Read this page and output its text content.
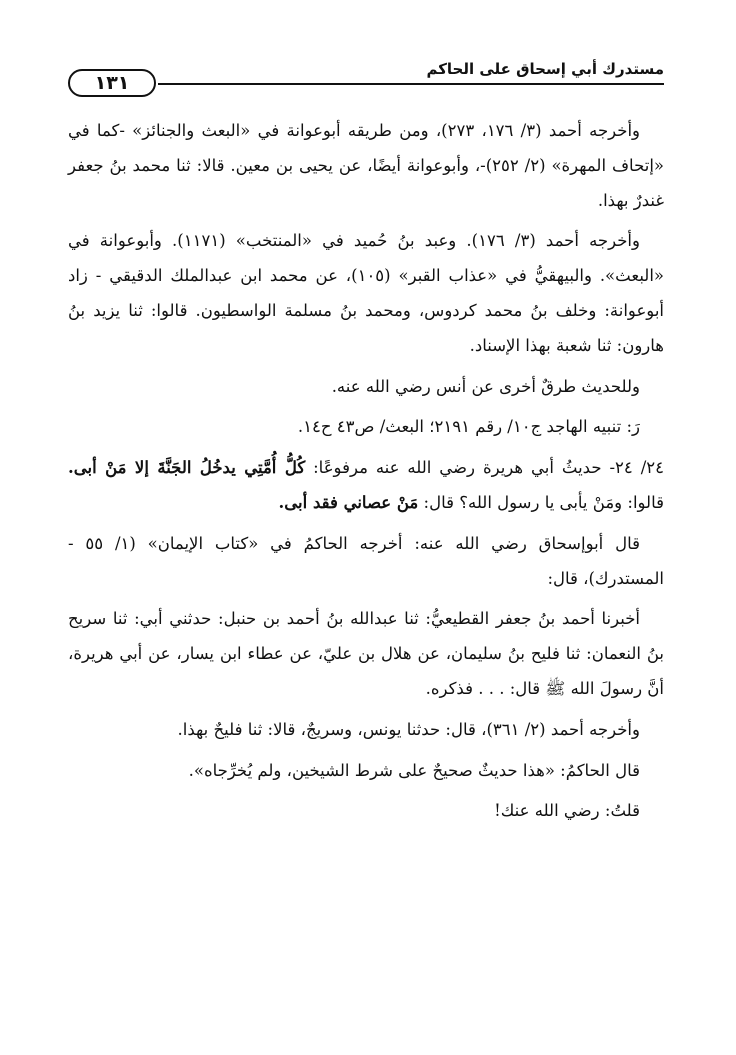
مستدرك أبي إسحاق على الحاكم
١٣١

وأخرجه أحمد (٣/ ١٧٦، ٢٧٣)، ومن طريقه أبوعوانة في «البعث والجنائز» -كما في «إتحاف المهرة» (٢/ ٢٥٢)-، وأبوعوانة أيضًا، عن يحيى بن معين. قالا: ثنا محمد بنُ جعفر غندرٌ بهذا.

وأخرجه أحمد (٣/ ١٧٦). وعبد بنُ حُميد في «المنتخب» (١١٧١). وأبوعوانة في «البعث». والبيهقيُّ في «عذاب القبر» (١٠٥)، عن محمد ابن عبدالملك الدقيقي - زاد أبوعوانة: وخلف بنُ محمد كردوس، ومحمد بنُ مسلمة الواسطيون. قالوا: ثنا يزيد بنُ هارون: ثنا شعبة بهذا الإسناد.

وللحديث طرقٌ أخرى عن أنس رضي الله عنه.

رَ: تنبيه الهاجد ج١٠/ رقم ٢١٩١؛ البعث/ ص٤٣ ح١٤.

٢٤/ ٢٤- حديثُ أبي هريرة رضي الله عنه مرفوعًا: كُلُّ أُمَّتِي يدخُلُ الجَنَّةَ إلا مَنْ أبى. قالوا: ومَنْ يأبى يا رسول الله؟ قال: مَنْ عصاني فقد أبى.

قال أبوإسحاق رضي الله عنه: أخرجه الحاكمُ في «كتاب الإيمان» (١/ ٥٥ - المستدرك)، قال:

أخبرنا أحمد بنُ جعفر القطيعيُّ: ثنا عبدالله بنُ أحمد بن حنبل: حدثني أبي: ثنا سريح بنُ النعمان: ثنا فليح بنُ سليمان، عن هلال بن عليّ، عن عطاء ابن يسار، عن أبي هريرة، أنَّ رسولَ الله ﷺ قال: . . . فذكره.

وأخرجه أحمد (٢/ ٣٦١)، قال: حدثنا يونس، وسريجٌ، قالا: ثنا فليحٌ بهذا.

قال الحاكمُ: «هذا حديثٌ صحيحٌ على شرط الشيخين، ولم يُخرِّجاه».

قلتُ: رضي الله عنك!
